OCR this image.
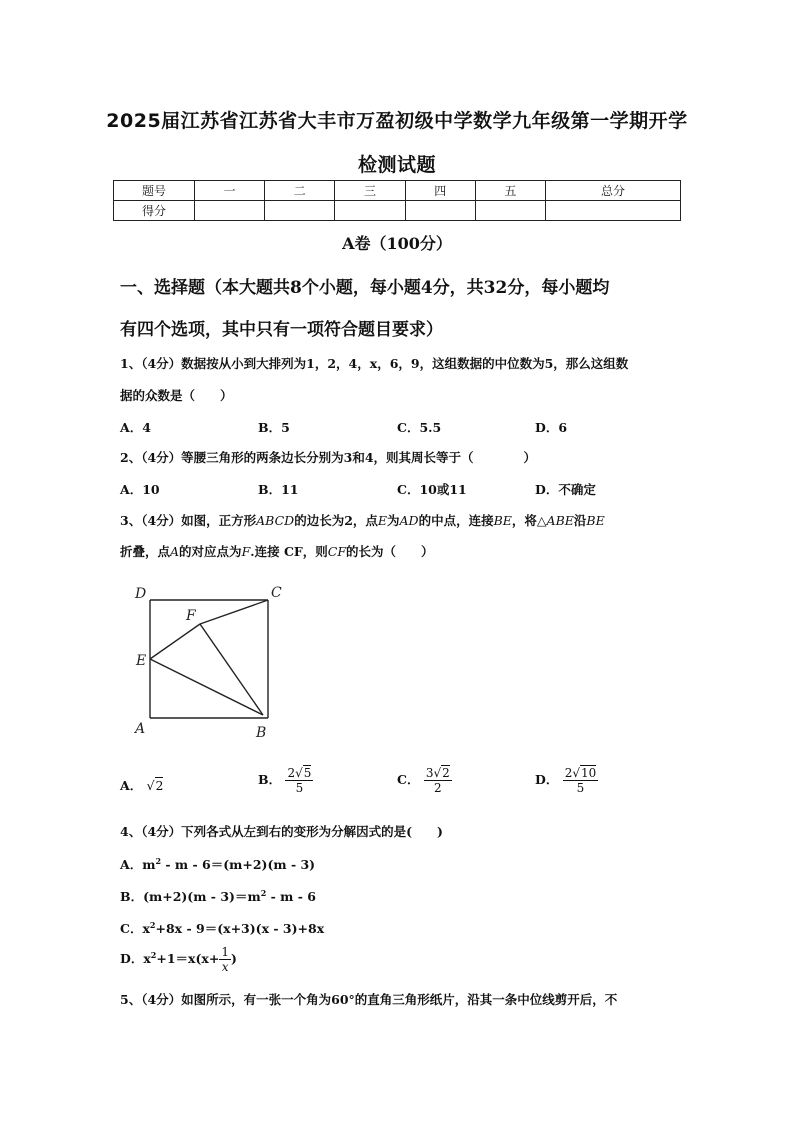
2025届江苏省江苏省大丰市万盈初级中学数学九年级第一学期开学
检测试题
题号	一	二	三	四	五	总分
得分						
A卷（100分）
一、选择题（本大题共8个小题，每小题4分，共32分，每小题均
有四个选项，其中只有一项符合题目要求）
1、（4分）数据按从小到大排列为1，2，4，x，6，9，这组数据的中位数为5，那么这组数
据的众数是（　　）
A．4	B．5	C．5.5	D．6
2、（4分）等腰三角形的两条边长分别为3和4，则其周长等于（　　　　）
A．10	B．11	C．10或11	D．不确定
3、（4分）如图，正方形ABCD的边长为2，点E为AD的中点，连接BE，将△ABE沿BE
折叠，点A的对应点为F.连接 CF，则CF的长为（　　）
D	C
F
E
A	B
A． √2	B． $\frac{2√5}{5}$	C． $\frac{3√2}{2}$	D． $\frac{2√10}{5}$
4、（4分）下列各式从左到右的变形为分解因式的是(　　)
A．$m^2 - m - 6=(m+2)(m - 3)$
B．$(m+2)(m - 3)=m^2 - m - 6$
C．$x^2+8x - 9=(x+3)(x - 3)+8x$
D．$x^2+1=x(x+ \frac{1}{x}$ )
5、（4分）如图所示，有一张一个角为60°的直角三角形纸片，沿其一条中位线剪开后，不
